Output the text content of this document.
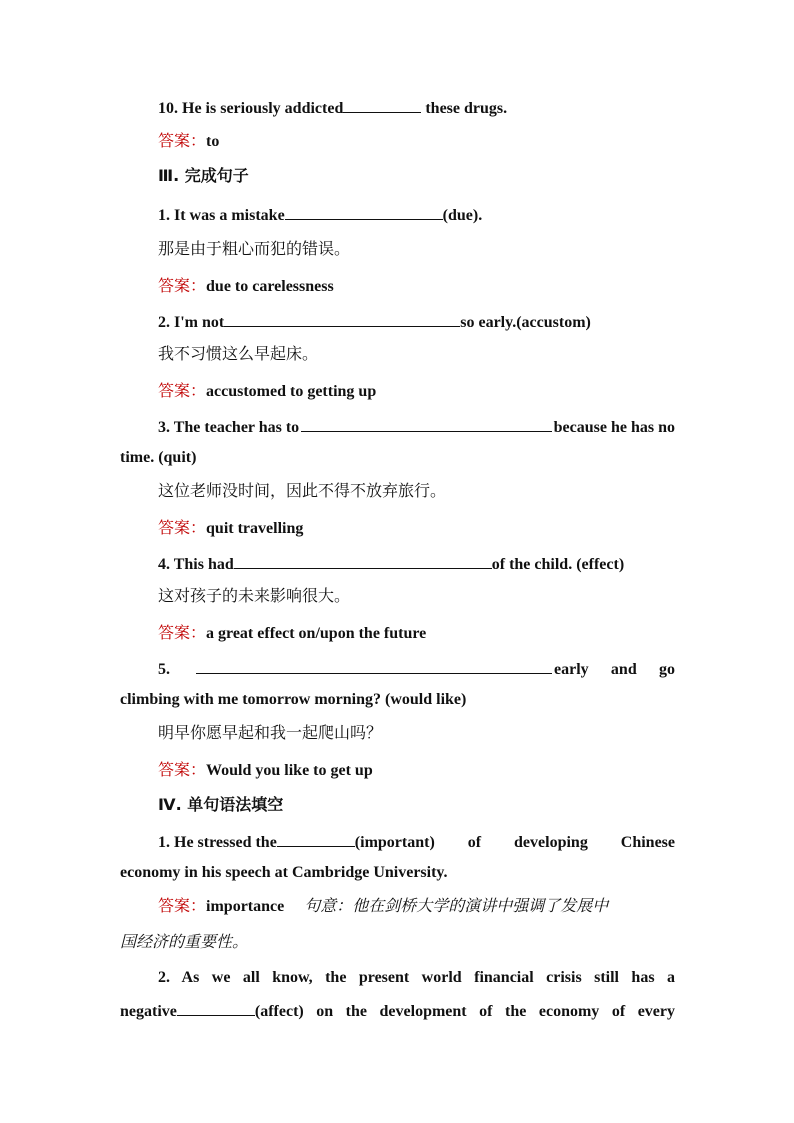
10. He is seriously addicted	these drugs.
答案：to
Ⅲ. 完成句子
1. It was a mistake	(due).
那是由于粗心而犯的错误。
答案：due to carelessness
2. I'm not	so early.(accustom)
我不习惯这么早起床。
答案：accustomed to getting up
3. The teacher has to	because he has no
time. (quit)
这位老师没时间，因此不得不放弃旅行。
答案：quit travelling
4. This had	of the child. (effect)
这对孩子的未来影响很大。
答案：a great effect on/upon the future
5.	early and go
climbing with me tomorrow morning? (would like)
明早你愿早起和我一起爬山吗？
答案：Would you like to get up
Ⅳ. 单句语法填空
1. He stressed the	(important) of developing Chinese
economy in his speech at Cambridge University.
答案：importance 句意：他在剑桥大学的演讲中强调了发展中
国经济的重要性。
2. As we all know, the present world financial crisis still has a
negative	(affect) on the development of the economy of every
